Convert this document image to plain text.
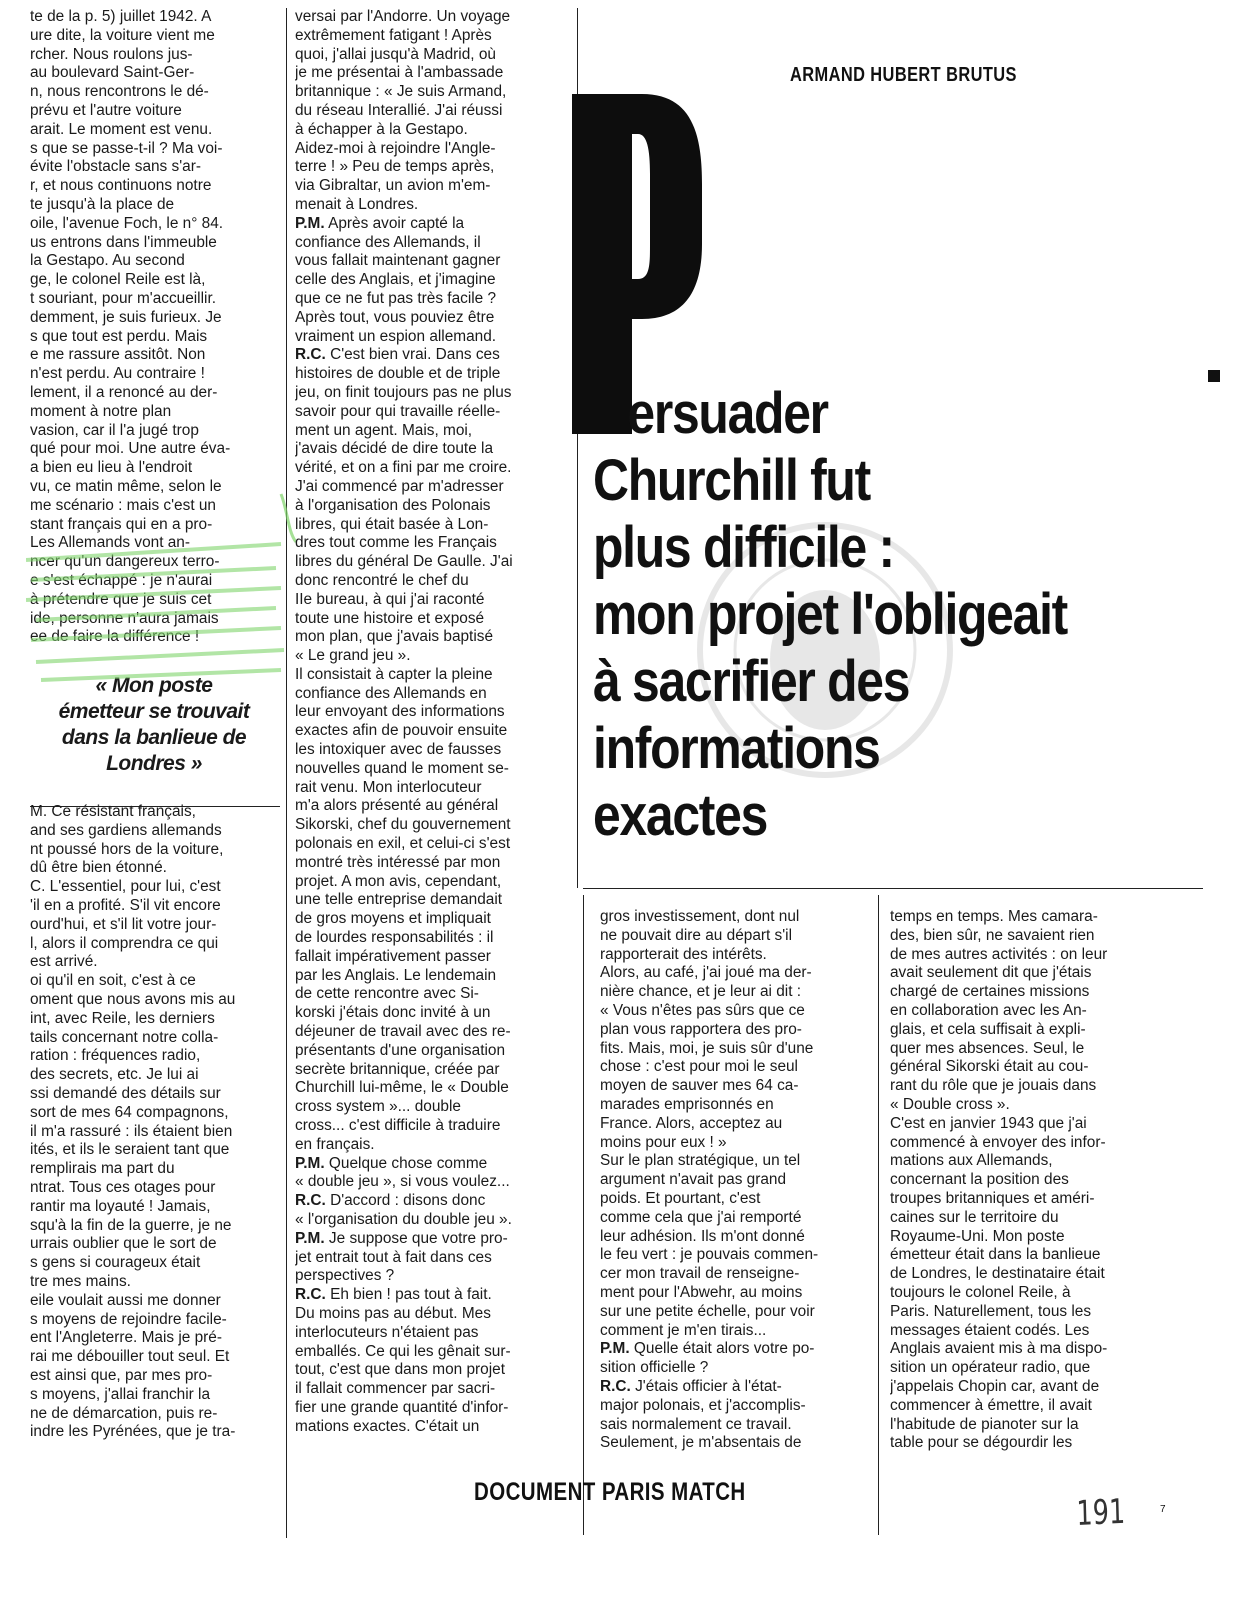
te de la p. 5) juillet 1942. A

ure dite, la voiture vient me

rcher. Nous roulons jus-

au boulevard Saint-Ger-

n, nous rencontrons le dé-

prévu et l'autre voiture

arait. Le moment est venu.

s que se passe-t-il ? Ma voi-

évite l'obstacle sans s'ar-

r, et nous continuons notre

te jusqu'à la place de

oile, l'avenue Foch, le n° 84.

us entrons dans l'immeuble

la Gestapo. Au second

ge, le colonel Reile est là,

t souriant, pour m'accueillir.

demment, je suis furieux. Je

s que tout est perdu. Mais

e me rassure assitôt. Non

n'est perdu. Au contraire !

lement, il a renoncé au der-

moment à notre plan

vasion, car il l'a jugé trop

qué pour moi. Une autre éva-

a bien eu lieu à l'endroit

vu, ce matin même, selon le

me scénario : mais c'est un

stant français qui en a pro-

Les Allemands vont an-

ncer qu'un dangereux terro-

e s'est échappé : je n'aurai

à prétendre que je suis cet

ide, personne n'aura jamais

ee de faire la différence !

« Mon poste
émetteur se trouvait
dans la banlieue de
Londres »

M. Ce résistant français,

and ses gardiens allemands

nt poussé hors de la voiture,

dû être bien étonné.

C. L'essentiel, pour lui, c'est

'il en a profité. S'il vit encore

ourd'hui, et s'il lit votre jour-

l, alors il comprendra ce qui

est arrivé.

oi qu'il en soit, c'est à ce

oment que nous avons mis au

int, avec Reile, les derniers

tails concernant notre colla-

ration : fréquences radio,

des secrets, etc. Je lui ai

ssi demandé des détails sur

sort de mes 64 compagnons,

il m'a rassuré : ils étaient bien

ités, et ils le seraient tant que

remplirais ma part du

ntrat. Tous ces otages pour

rantir ma loyauté ! Jamais,

squ'à la fin de la guerre, je ne

urrais oublier que le sort de

s gens si courageux était

tre mes mains.

eile voulait aussi me donner

s moyens de rejoindre facile-

ent l'Angleterre. Mais je pré-

rai me débouiller tout seul. Et

est ainsi que, par mes pro-

s moyens, j'allai franchir la

ne de démarcation, puis re-

indre les Pyrénées, que je tra-

versai par l'Andorre. Un voyage

extrêmement fatigant ! Après

quoi, j'allai jusqu'à Madrid, où

je me présentai à l'ambassade

britannique : « Je suis Armand,

du réseau Interallié. J'ai réussi

à échapper à la Gestapo.

Aidez-moi à rejoindre l'Angle-

terre ! » Peu de temps après,

via Gibraltar, un avion m'em-

menait à Londres.

P.M. Après avoir capté la

confiance des Allemands, il

vous fallait maintenant gagner

celle des Anglais, et j'imagine

que ce ne fut pas très facile ?

Après tout, vous pouviez être

vraiment un espion allemand.

R.C. C'est bien vrai. Dans ces

histoires de double et de triple

jeu, on finit toujours pas ne plus

savoir pour qui travaille réelle-

ment un agent. Mais, moi,

j'avais décidé de dire toute la

vérité, et on a fini par me croire.

J'ai commencé par m'adresser

à l'organisation des Polonais

libres, qui était basée à Lon-

dres tout comme les Français

libres du général De Gaulle. J'ai

donc rencontré le chef du

IIe bureau, à qui j'ai raconté

toute une histoire et exposé

mon plan, que j'avais baptisé

« Le grand jeu ».

Il consistait à capter la pleine

confiance des Allemands en

leur envoyant des informations

exactes afin de pouvoir ensuite

les intoxiquer avec de fausses

nouvelles quand le moment se-

rait venu. Mon interlocuteur

m'a alors présenté au général

Sikorski, chef du gouvernement

polonais en exil, et celui-ci s'est

montré très intéressé par mon

projet. A mon avis, cependant,

une telle entreprise demandait

de gros moyens et impliquait

de lourdes responsabilités : il

fallait impérativement passer

par les Anglais. Le lendemain

de cette rencontre avec Si-

korski j'étais donc invité à un

déjeuner de travail avec des re-

présentants d'une organisation

secrète britannique, créée par

Churchill lui-même, le « Double

cross system »... double

cross... c'est difficile à traduire

en français.

P.M. Quelque chose comme

« double jeu », si vous voulez...

R.C. D'accord : disons donc

« l'organisation du double jeu ».

P.M. Je suppose que votre pro-

jet entrait tout à fait dans ces

perspectives ?

R.C. Eh bien ! pas tout à fait.

Du moins pas au début. Mes

interlocuteurs n'étaient pas

emballés. Ce qui les gênait sur-

tout, c'est que dans mon projet

il fallait commencer par sacri-

fier une grande quantité d'infor-

mations exactes. C'était un

ARMAND HUBERT BRUTUS
ersuader
Churchill fut
plus difficile :
mon projet l'obligeait
à sacrifier des
informations
exactes

gros investissement, dont nul

ne pouvait dire au départ s'il

rapporterait des intérêts.

Alors, au café, j'ai joué ma der-

nière chance, et je leur ai dit :

« Vous n'êtes pas sûrs que ce

plan vous rapportera des pro-

fits. Mais, moi, je suis sûr d'une

chose : c'est pour moi le seul

moyen de sauver mes 64 ca-

marades emprisonnés en

France. Alors, acceptez au

moins pour eux ! »

Sur le plan stratégique, un tel

argument n'avait pas grand

poids. Et pourtant, c'est

comme cela que j'ai remporté

leur adhésion. Ils m'ont donné

le feu vert : je pouvais commen-

cer mon travail de renseigne-

ment pour l'Abwehr, au moins

sur une petite échelle, pour voir

comment je m'en tirais...

P.M. Quelle était alors votre po-

sition officielle ?

R.C. J'étais officier à l'état-

major polonais, et j'accomplis-

sais normalement ce travail.

Seulement, je m'absentais de

temps en temps. Mes camara-

des, bien sûr, ne savaient rien

de mes autres activités : on leur

avait seulement dit que j'étais

chargé de certaines missions

en collaboration avec les An-

glais, et cela suffisait à expli-

quer mes absences. Seul, le

général Sikorski était au cou-

rant du rôle que je jouais dans

« Double cross ».

C'est en janvier 1943 que j'ai

commencé à envoyer des infor-

mations aux Allemands,

concernant la position des

troupes britanniques et améri-

caines sur le territoire du

Royaume-Uni. Mon poste

émetteur était dans la banlieue

de Londres, le destinataire était

toujours le colonel Reile, à

Paris. Naturellement, tous les

messages étaient codés. Les

Anglais avaient mis à ma dispo-

sition un opérateur radio, que

j'appelais Chopin car, avant de

commencer à émettre, il avait

l'habitude de pianoter sur la

table pour se dégourdir les

DOCUMENT PARIS MATCH
7
191
